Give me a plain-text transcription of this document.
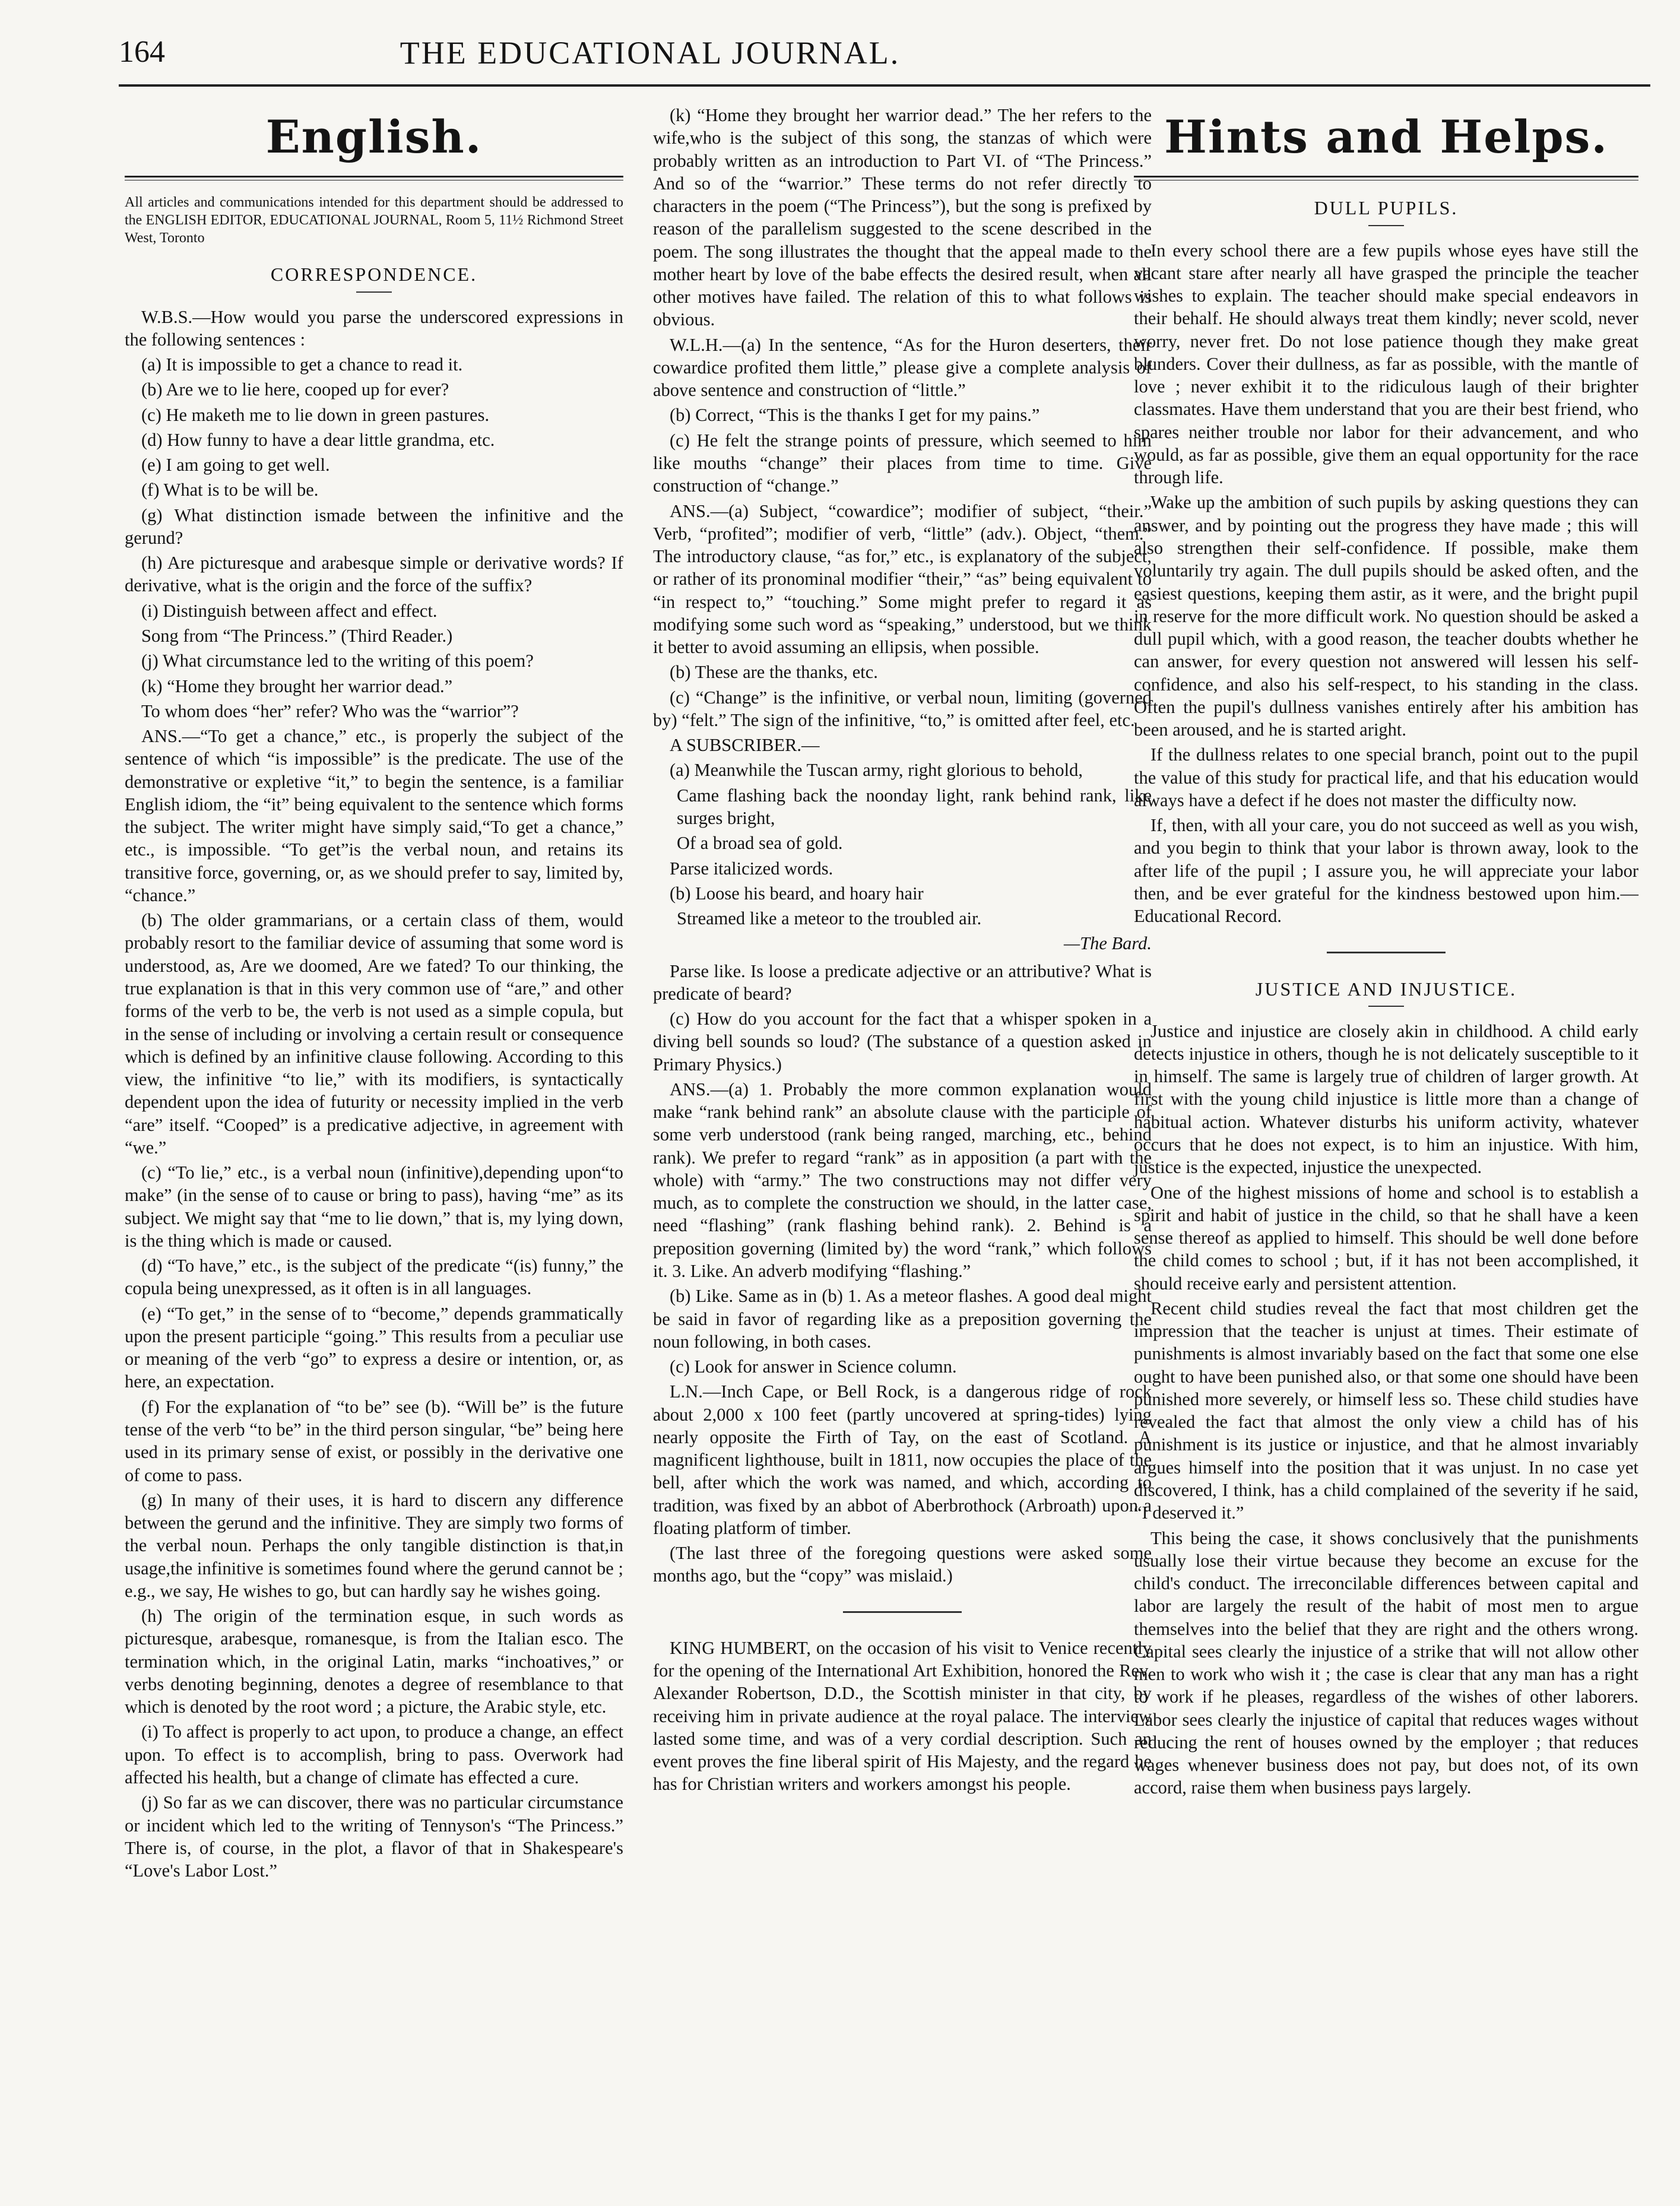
164	THE EDUCATIONAL JOURNAL.
English.
All articles and communications intended for this department should be addressed to the ENGLISH EDITOR, EDUCATIONAL JOURNAL, Room 5, 11½ Richmond Street West, Toronto
CORRESPONDENCE.

W.B.S.—How would you parse the underscored expressions in the following sentences :

(a) It is impossible to get a chance to read it.

(b) Are we to lie here, cooped up for ever?

(c) He maketh me to lie down in green pastures.

(d) How funny to have a dear little grandma, etc.

(e) I am going to get well.

(f) What is to be will be.

(g) What distinction ismade between the infinitive and the gerund?

(h) Are picturesque and arabesque simple or derivative words? If derivative, what is the origin and the force of the suffix?

(i) Distinguish between affect and effect.

Song from “The Princess.” (Third Reader.)

(j) What circumstance led to the writing of this poem?

(k) “Home they brought her warrior dead.”

To whom does “her” refer? Who was the “warrior”?

ANS.—“To get a chance,” etc., is properly the subject of the sentence of which “is impossible” is the predicate. The use of the demonstrative or expletive “it,” to begin the sentence, is a familiar English idiom, the “it” being equivalent to the sentence which forms the subject. The writer might have simply said,“To get a chance,” etc., is impossible. “To get”is the verbal noun, and retains its transitive force, governing, or, as we should prefer to say, limited by, “chance.”

(b) The older grammarians, or a certain class of them, would probably resort to the familiar device of assuming that some word is understood, as, Are we doomed, Are we fated? To our thinking, the true explanation is that in this very common use of “are,” and other forms of the verb to be, the verb is not used as a simple copula, but in the sense of including or involving a certain result or consequence which is defined by an infinitive clause following. According to this view, the infinitive “to lie,” with its modifiers, is syntactically dependent upon the idea of futurity or necessity implied in the verb “are” itself. “Cooped” is a predicative adjective, in agreement with “we.”

(c) “To lie,” etc., is a verbal noun (infinitive),depending upon“to make” (in the sense of to cause or bring to pass), having “me” as its subject. We might say that “me to lie down,” that is, my lying down, is the thing which is made or caused.

(d) “To have,” etc., is the subject of the predicate “(is) funny,” the copula being unexpressed, as it often is in all languages.

(e) “To get,” in the sense of to “become,” depends grammatically upon the present participle “going.” This results from a peculiar use or meaning of the verb “go” to express a desire or intention, or, as here, an expectation.

(f) For the explanation of “to be” see (b). “Will be” is the future tense of the verb “to be” in the third person singular, “be” being here used in its primary sense of exist, or possibly in the derivative one of come to pass.

(g) In many of their uses, it is hard to discern any difference between the gerund and the infinitive. They are simply two forms of the verbal noun. Perhaps the only tangible distinction is that,in usage,the infinitive is sometimes found where the gerund cannot be ; e.g., we say, He wishes to go, but can hardly say he wishes going.

(h) The origin of the termination esque, in such words as picturesque, arabesque, romanesque, is from the Italian esco. The termination which, in the original Latin, marks “inchoatives,” or verbs denoting beginning, denotes a degree of resemblance to that which is denoted by the root word ; a picture, the Arabic style, etc.

(i) To affect is properly to act upon, to produce a change, an effect upon. To effect is to accomplish, bring to pass. Overwork had affected his health, but a change of climate has effected a cure.

(j) So far as we can discover, there was no particular circumstance or incident which led to the writing of Tennyson's “The Princess.” There is, of course, in the plot, a flavor of that in Shakespeare's “Love's Labor Lost.”

(k) “Home they brought her warrior dead.” The her refers to the wife,who is the subject of this song, the stanzas of which were probably written as an introduction to Part VI. of “The Princess.” And so of the “warrior.” These terms do not refer directly to characters in the poem (“The Princess”), but the song is prefixed by reason of the parallelism suggested to the scene described in the poem. The song illustrates the thought that the appeal made to the mother heart by love of the babe effects the desired result, when all other motives have failed. The relation of this to what follows is obvious.

W.L.H.—(a) In the sentence, “As for the Huron deserters, their cowardice profited them little,” please give a complete analysis of above sentence and construction of “little.”

(b) Correct, “This is the thanks I get for my pains.”

(c) He felt the strange points of pressure, which seemed to him like mouths “change” their places from time to time. Give construction of “change.”

ANS.—(a) Subject, “cowardice”; modifier of subject, “their.” Verb, “profited”; modifier of verb, “little” (adv.). Object, “them.” The introductory clause, “as for,” etc., is explanatory of the subject, or rather of its pronominal modifier “their,” “as” being equivalent to “in respect to,” “touching.” Some might prefer to regard it as modifying some such word as “speaking,” understood, but we think it better to avoid assuming an ellipsis, when possible.

(b) These are the thanks, etc.

(c) “Change” is the infinitive, or verbal noun, limiting (governed by) “felt.” The sign of the infinitive, “to,” is omitted after feel, etc.

A SUBSCRIBER.—

(a) Meanwhile the Tuscan army, right glorious to behold,

Came flashing back the noonday light, rank behind rank, like surges bright,

Of a broad sea of gold.

Parse italicized words.

(b) Loose his beard, and hoary hair

Streamed like a meteor to the troubled air.

—The Bard.

Parse like. Is loose a predicate adjective or an attributive? What is predicate of beard?

(c) How do you account for the fact that a whisper spoken in a diving bell sounds so loud? (The substance of a question asked in Primary Physics.)

ANS.—(a) 1. Probably the more common explanation would make “rank behind rank” an absolute clause with the participle of some verb understood (rank being ranged, marching, etc., behind rank). We prefer to regard “rank” as in apposition (a part with the whole) with “army.” The two constructions may not differ very much, as to complete the construction we should, in the latter case, need “flashing” (rank flashing behind rank). 2. Behind is a preposition governing (limited by) the word “rank,” which follows it. 3. Like. An adverb modifying “flashing.”

(b) Like. Same as in (b) 1. As a meteor flashes. A good deal might be said in favor of regarding like as a preposition governing the noun following, in both cases.

(c) Look for answer in Science column.

L.N.—Inch Cape, or Bell Rock, is a dangerous ridge of rock about 2,000 x 100 feet (partly uncovered at spring-tides) lying nearly opposite the Firth of Tay, on the east of Scotland. A magnificent lighthouse, built in 1811, now occupies the place of the bell, after which the work was named, and which, according to tradition, was fixed by an abbot of Aberbrothock (Arbroath) upon a floating platform of timber.

(The last three of the foregoing questions were asked some months ago, but the “copy” was mislaid.)

KING HUMBERT, on the occasion of his visit to Venice recently for the opening of the International Art Exhibition, honored the Rev. Alexander Robertson, D.D., the Scottish minister in that city, by receiving him in private audience at the royal palace. The interview lasted some time, and was of a very cordial description. Such an event proves the fine liberal spirit of His Majesty, and the regard he has for Christian writers and workers amongst his people.

Hints and Helps.
DULL PUPILS.

In every school there are a few pupils whose eyes have still the vacant stare after nearly all have grasped the principle the teacher wishes to explain. The teacher should make special endeavors in their behalf. He should always treat them kindly; never scold, never worry, never fret. Do not lose patience though they make great blunders. Cover their dullness, as far as possible, with the mantle of love ; never exhibit it to the ridiculous laugh of their brighter classmates. Have them understand that you are their best friend, who spares neither trouble nor labor for their advancement, and who would, as far as possible, give them an equal opportunity for the race through life.

Wake up the ambition of such pupils by asking questions they can answer, and by pointing out the progress they have made ; this will also strengthen their self-confidence. If possible, make them voluntarily try again. The dull pupils should be asked often, and the easiest questions, keeping them astir, as it were, and the bright pupil in reserve for the more difficult work. No question should be asked a dull pupil which, with a good reason, the teacher doubts whether he can answer, for every question not answered will lessen his self-confidence, and also his self-respect, to his standing in the class. Often the pupil's dullness vanishes entirely after his ambition has been aroused, and he is started aright.

If the dullness relates to one special branch, point out to the pupil the value of this study for practical life, and that his education would always have a defect if he does not master the difficulty now.

If, then, with all your care, you do not succeed as well as you wish, and you begin to think that your labor is thrown away, look to the after life of the pupil ; I assure you, he will appreciate your labor then, and be ever grateful for the kindness bestowed upon him.—Educational Record.

JUSTICE AND INJUSTICE.

Justice and injustice are closely akin in childhood. A child early detects injustice in others, though he is not delicately susceptible to it in himself. The same is largely true of children of larger growth. At first with the young child injustice is little more than a change of habitual action. Whatever disturbs his uniform activity, whatever occurs that he does not expect, is to him an injustice. With him, justice is the expected, injustice the unexpected.

One of the highest missions of home and school is to establish a spirit and habit of justice in the child, so that he shall have a keen sense thereof as applied to himself. This should be well done before the child comes to school ; but, if it has not been accomplished, it should receive early and persistent attention.

Recent child studies reveal the fact that most children get the impression that the teacher is unjust at times. Their estimate of punishments is almost invariably based on the fact that some one else ought to have been punished also, or that some one should have been punished more severely, or himself less so. These child studies have revealed the fact that almost the only view a child has of his punishment is its justice or injustice, and that he almost invariably argues himself into the position that it was unjust. In no case yet discovered, I think, has a child complained of the severity if he said, “I deserved it.”

This being the case, it shows conclusively that the punishments usually lose their virtue because they become an excuse for the child's conduct. The irreconcilable differences between capital and labor are largely the result of the habit of most men to argue themselves into the belief that they are right and the others wrong. Capital sees clearly the injustice of a strike that will not allow other men to work who wish it ; the case is clear that any man has a right to work if he pleases, regardless of the wishes of other laborers. Labor sees clearly the injustice of capital that reduces wages without reducing the rent of houses owned by the employer ; that reduces wages whenever business does not pay, but does not, of its own accord, raise them when business pays largely.
